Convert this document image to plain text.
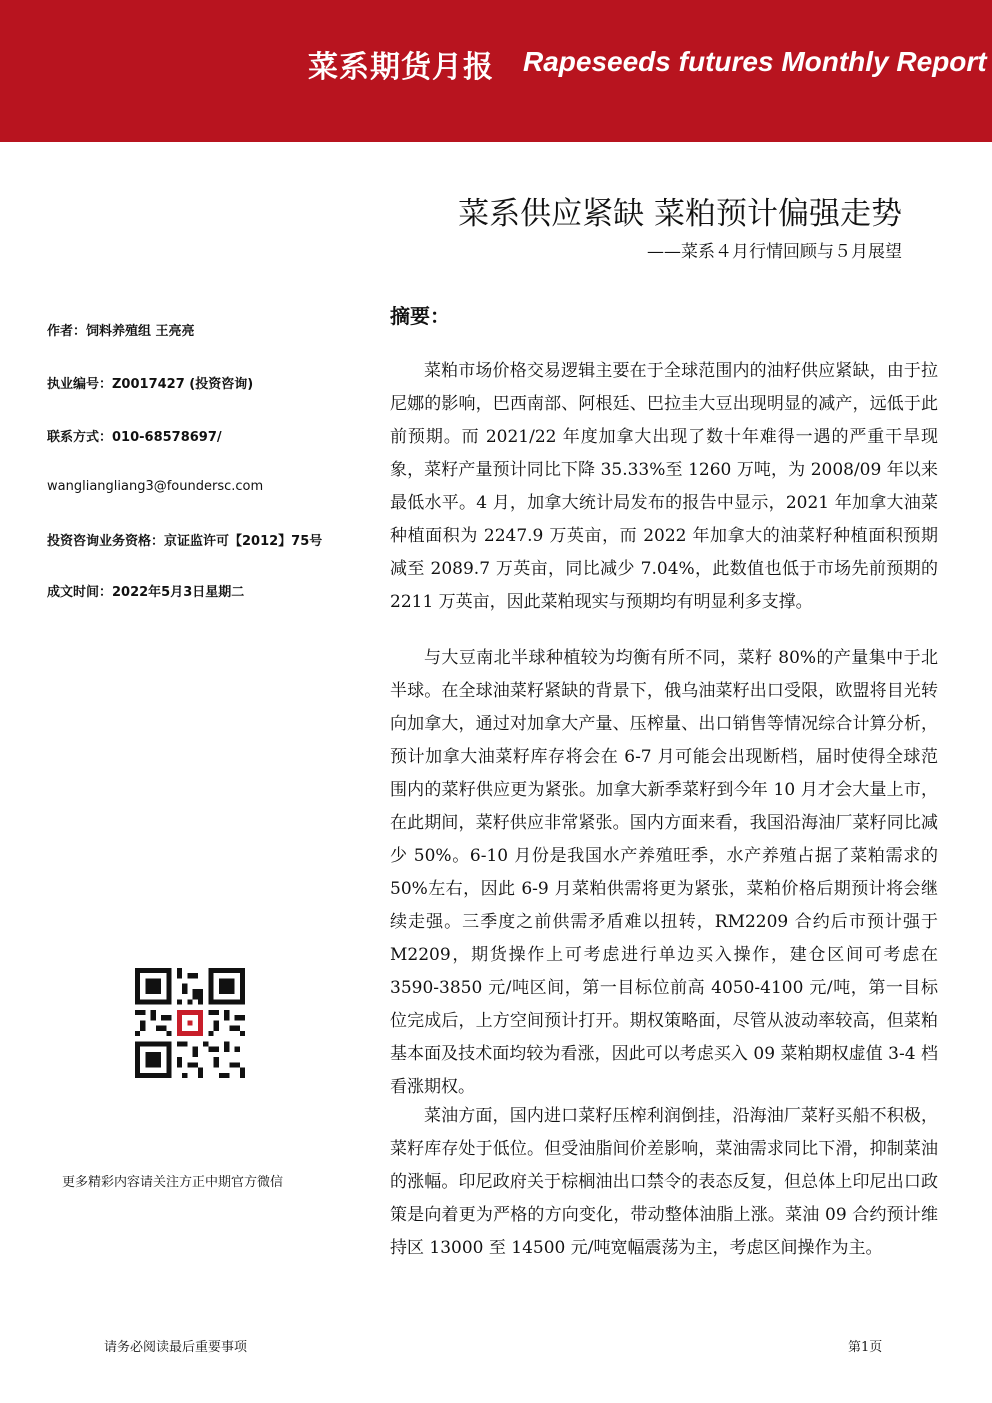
菜系期货月报 Rapeseeds futures Monthly Report
菜系供应紧缺 菜粕预计偏强走势
——菜系４月行情回顾与５月展望
作者：饲料养殖组 王亮亮
执业编号：Z0017427 (投资咨询)
联系方式：010-68578697/
wangliangliang3@foundersc.com
投资咨询业务资格：京证监许可【2012】75号
成文时间：2022年5月3日星期二
更多精彩内容请关注方正中期官方微信
摘要：

菜粕市场价格交易逻辑主要在于全球范围内的油籽供应紧缺，由于拉尼娜的影响，巴西南部、阿根廷、巴拉圭大豆出现明显的减产，远低于此前预期。而 2021/22 年度加拿大出现了数十年难得一遇的严重干旱现象，菜籽产量预计同比下降 35.33%至 1260 万吨，为 2008/09 年以来最低水平。4 月，加拿大统计局发布的报告中显示，2021 年加拿大油菜种植面积为 2247.9 万英亩，而 2022 年加拿大的油菜籽种植面积预期减至 2089.7 万英亩，同比减少 7.04%，此数值也低于市场先前预期的 2211 万英亩，因此菜粕现实与预期均有明显利多支撑。

与大豆南北半球种植较为均衡有所不同，菜籽 80%的产量集中于北半球。在全球油菜籽紧缺的背景下，俄乌油菜籽出口受限，欧盟将目光转向加拿大，通过对加拿大产量、压榨量、出口销售等情况综合计算分析，预计加拿大油菜籽库存将会在 6-7 月可能会出现断档，届时使得全球范围内的菜籽供应更为紧张。加拿大新季菜籽到今年 10 月才会大量上市，在此期间，菜籽供应非常紧张。国内方面来看，我国沿海油厂菜籽同比减少 50%。6-10 月份是我国水产养殖旺季，水产养殖占据了菜粕需求的 50%左右，因此 6-9 月菜粕供需将更为紧张，菜粕价格后期预计将会继续走强。三季度之前供需矛盾难以扭转，RM2209 合约后市预计强于 M2209，期货操作上可考虑进行单边买入操作，建仓区间可考虑在 3590-3850 元/吨区间，第一目标位前高 4050-4100 元/吨，第一目标位完成后，上方空间预计打开。期权策略面，尽管从波动率较高，但菜粕基本面及技术面均较为看涨，因此可以考虑买入 09 菜粕期权虚值 3-4 档看涨期权。

菜油方面，国内进口菜籽压榨利润倒挂，沿海油厂菜籽买船不积极，菜籽库存处于低位。但受油脂间价差影响，菜油需求同比下滑，抑制菜油的涨幅。印尼政府关于棕榈油出口禁令的表态反复，但总体上印尼出口政策是向着更为严格的方向变化，带动整体油脂上涨。菜油 09 合约预计维持区 13000 至 14500 元/吨宽幅震荡为主，考虑区间操作为主。

请务必阅读最后重要事项	第1页
